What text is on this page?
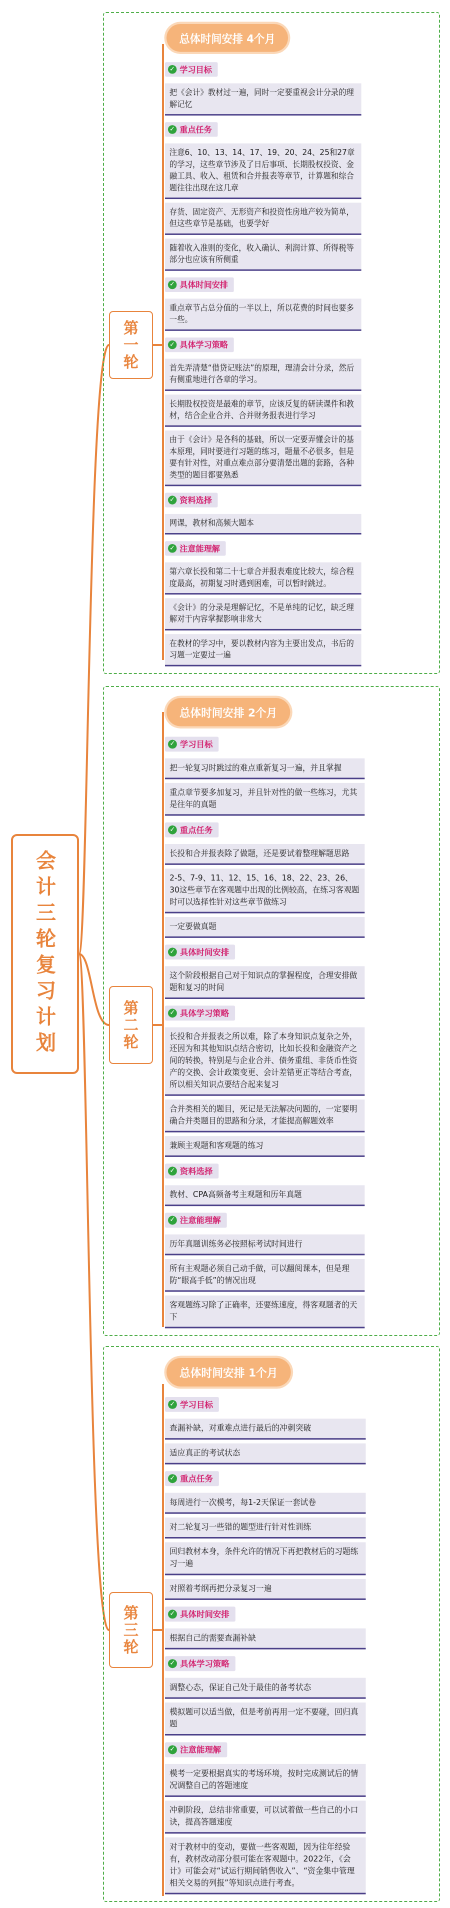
会计三轮复习计划
第一轮
总体时间安排 4个月
✓ 学习目标
把《会计》教材过一遍，同时一定要重视会计分录的理解记忆
✓ 重点任务
注意6、10、13、14、17、19、20、24、25和27章的学习，这些章节涉及了日后事项、长期股权投资、金融工具、收入、租赁和合并报表等章节，计算题和综合题往往出现在这几章
存货、固定资产、无形资产和投资性房地产较为简单，但这些章节是基础，也要学好
随着收入准则的变化，收入确认、利润计算、所得税等部分也应该有所侧重
✓ 具体时间安排
重点章节占总分值的一半以上，所以花费的时间也要多一些。
✓ 具体学习策略
首先弄清楚“借贷记账法”的原理，理清会计分录，然后有侧重地进行各章的学习。
长期股权投资是最难的章节，应该反复的研读课件和教材，结合企业合并、合并财务报表进行学习
由于《会计》是各科的基础，所以一定要弄懂会计的基本原理，同时要进行习题的练习，题量不必很多，但是要有针对性，对重点难点部分要清楚出题的套路，各种类型的题目都要熟悉
✓ 资料选择
网课，教材和高频大题本
✓ 注意能理解
第六章长投和第二十七章合并报表难度比较大，综合程度最高，初期复习时遇到困难，可以暂时跳过。
《会计》的分录是理解记忆，不是单纯的记忆，缺乏理解对于内容掌握影响非常大
在教材的学习中，要以教材内容为主要出发点，书后的习题一定要过一遍
第二轮
总体时间安排 2个月
✓ 学习目标
把一轮复习时跳过的难点重新复习一遍，并且掌握
重点章节要多加复习，并且针对性的做一些练习，尤其是往年的真题
✓ 重点任务
长投和合并报表除了做题，还是要试着整理解题思路
2-5、7-9、11、12、15、16、18、22、23、26、30这些章节在客观题中出现的比例较高，在练习客观题时可以选择性针对这些章节做练习
一定要做真题
✓ 具体时间安排
这个阶段根据自己对于知识点的掌握程度，合理安排做题和复习的时间
✓ 具体学习策略
长投和合并报表之所以难，除了本身知识点复杂之外，还因为和其他知识点结合密切，比如长投和金融资产之间的转换，特别是与企业合并、债务重组、非货币性资产的交换、会计政策变更、会计差错更正等结合考查，所以相关知识点要结合起来复习
合并类相关的题目，死记是无法解决问题的，一定要明确合并类题目的思路和分录，才能提高解题效率
兼顾主观题和客观题的练习
✓ 资料选择
教材、CPA高频备考主观题和历年真题
✓ 注意能理解
历年真题训练务必按照标考试时间进行
所有主观题必须自己动手做，可以翻阅课本，但是理防“眼高手低”的情况出现
客观题练习除了正确率，还要练速度，得客观题者的天下
第三轮
总体时间安排 1个月
✓ 学习目标
查漏补缺，对重难点进行最后的冲刺突破
适应真正的考试状态
✓ 重点任务
每周进行一次模考，每1-2天保证一套试卷
对二轮复习一些错的题型进行针对性训练
回归教材本身，条件允许的情况下再把教材后的习题练习一遍
对照着考纲再把分录复习一遍
✓ 具体时间安排
根据自己的需要查漏补缺
✓ 具体学习策略
调整心态，保证自己处于最佳的备考状态
模拟题可以适当做，但是考前再用一定不要碰，回归真题
✓ 注意能理解
模考一定要根据真实的考场环境，按时完成测试后的情况调整自己的答题速度
冲刺阶段，总结非常重要，可以试着做一些自己的小口诀，提高答题速度
对于教材中的变动，要做一些客观题，因为往年经验有，教材改动部分很可能在客观题中。2022年，《会计》可能会对“试运行期间销售收入”、“资金集中管理相关交易的列报”等知识点进行考查。
